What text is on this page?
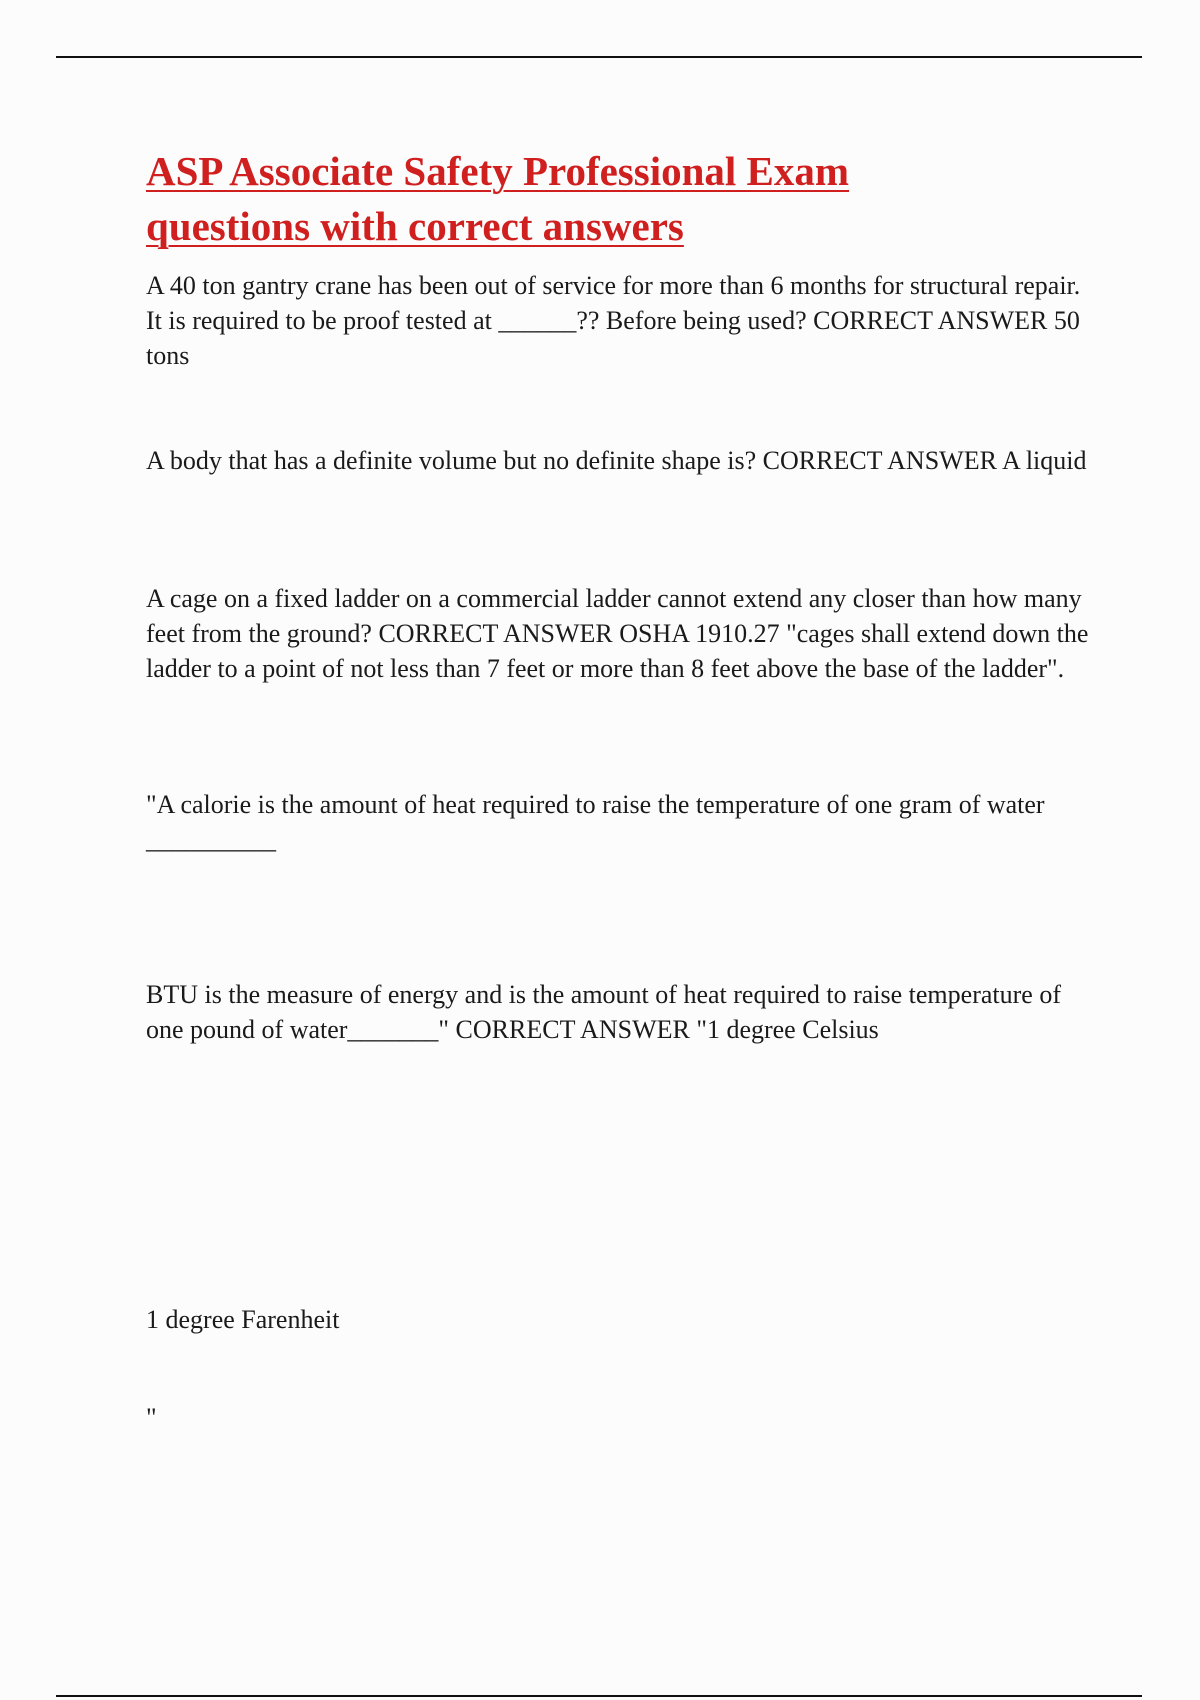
ASP Associate Safety Professional Exam questions with correct answers

A 40 ton gantry crane has been out of service for more than 6 months for structural repair. It is required to be proof tested at ______?? Before being used? CORRECT ANSWER 50 tons

A body that has a definite volume but no definite shape is? CORRECT ANSWER A liquid

A cage on a fixed ladder on a commercial ladder cannot extend any closer than how many feet from the ground? CORRECT ANSWER OSHA 1910.27 "cages shall extend down the ladder to a point of not less than 7 feet or more than 8 feet above the base of the ladder".

"A calorie is the amount of heat required to raise the temperature of one gram of water __________

BTU is the measure of energy and is the amount of heat required to raise temperature of one pound of water_______" CORRECT ANSWER "1 degree Celsius

1 degree Farenheit

"
